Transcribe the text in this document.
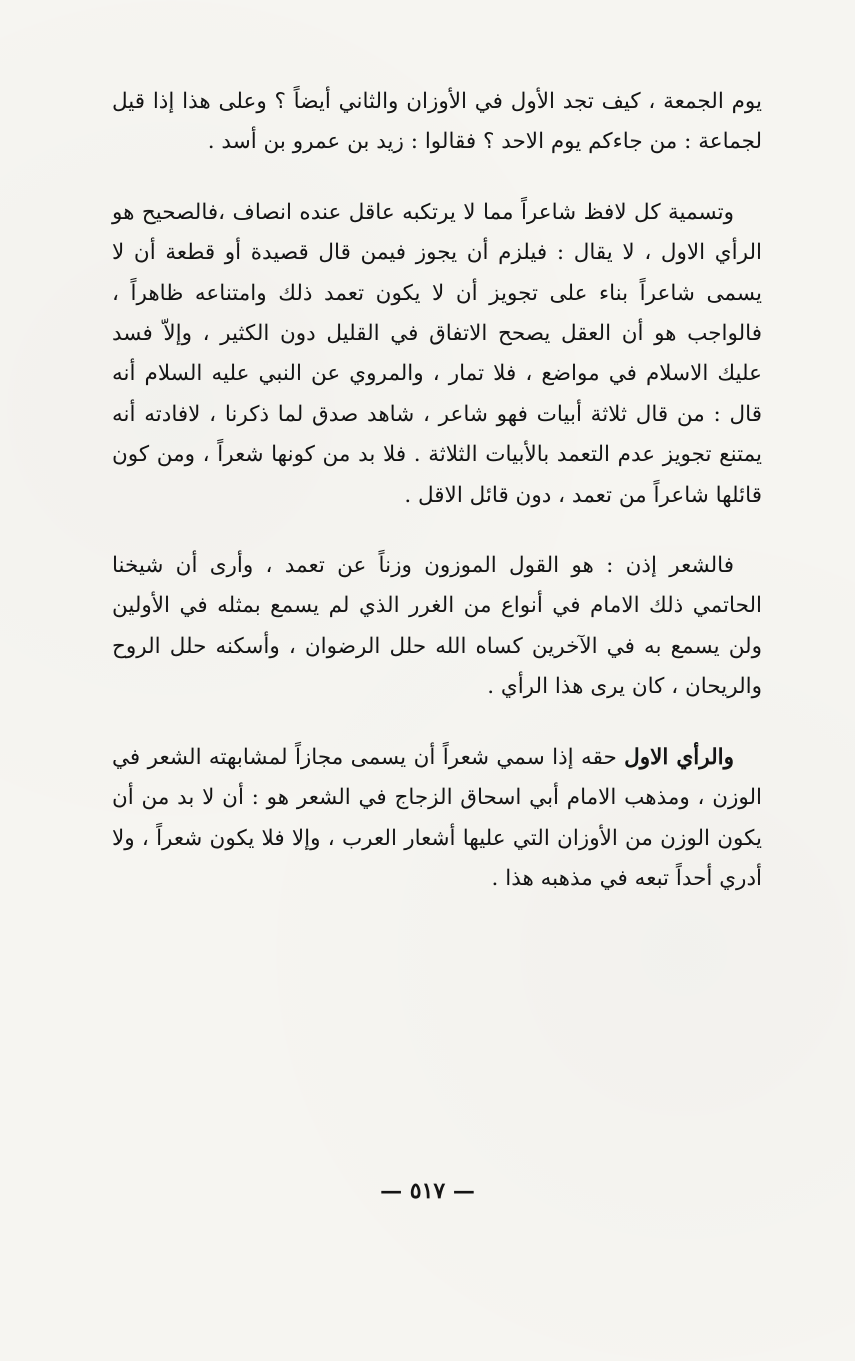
يوم الجمعة ، كيف تجد الأول في الأوزان والثاني أيضاً ؟ وعلى هذا إذا قيل لجماعة : من جاءكم يوم الاحد ؟ فقالوا : زيد بن عمرو بن أسد .

وتسمية كل لافظ شاعراً مما لا يرتكبه عاقل عنده انصاف ،فالصحيح هو الرأي الاول ، لا يقال : فيلزم أن يجوز فيمن قال قصيدة أو قطعة أن لا يسمى شاعراً بناء على تجويز أن لا يكون تعمد ذلك وامتناعه ظاهراً ، فالواجب هو أن العقل يصحح الاتفاق في القليل دون الكثير ، وإلاّ فسد عليك الاسلام في مواضع ، فلا تمار ، والمروي عن النبي عليه السلام أنه قال : من قال ثلاثة أبيات فهو شاعر ، شاهد صدق لما ذكرنا ، لافادته أنه يمتنع تجويز عدم التعمد بالأبيات الثلاثة . فلا بد من كونها شعراً ، ومن كون قائلها شاعراً من تعمد ، دون قائل الاقل .

فالشعر إذن : هو القول الموزون وزناً عن تعمد ، وأرى أن شيخنا الحاتمي ذلك الامام في أنواع من الغرر الذي لم يسمع بمثله في الأولين ولن يسمع به في الآخرين كساه الله حلل الرضوان ، وأسكنه حلل الروح والريحان ، كان يرى هذا الرأي .

والرأي الاول حقه إذا سمي شعراً أن يسمى مجازاً لمشابهته الشعر في الوزن ، ومذهب الامام أبي اسحاق الزجاج في الشعر هو : أن لا بد من أن يكون الوزن من الأوزان التي عليها أشعار العرب ، وإلا فلا يكون شعراً ، ولا أدري أحداً تبعه في مذهبه هذا .

— ٥١٧ —
